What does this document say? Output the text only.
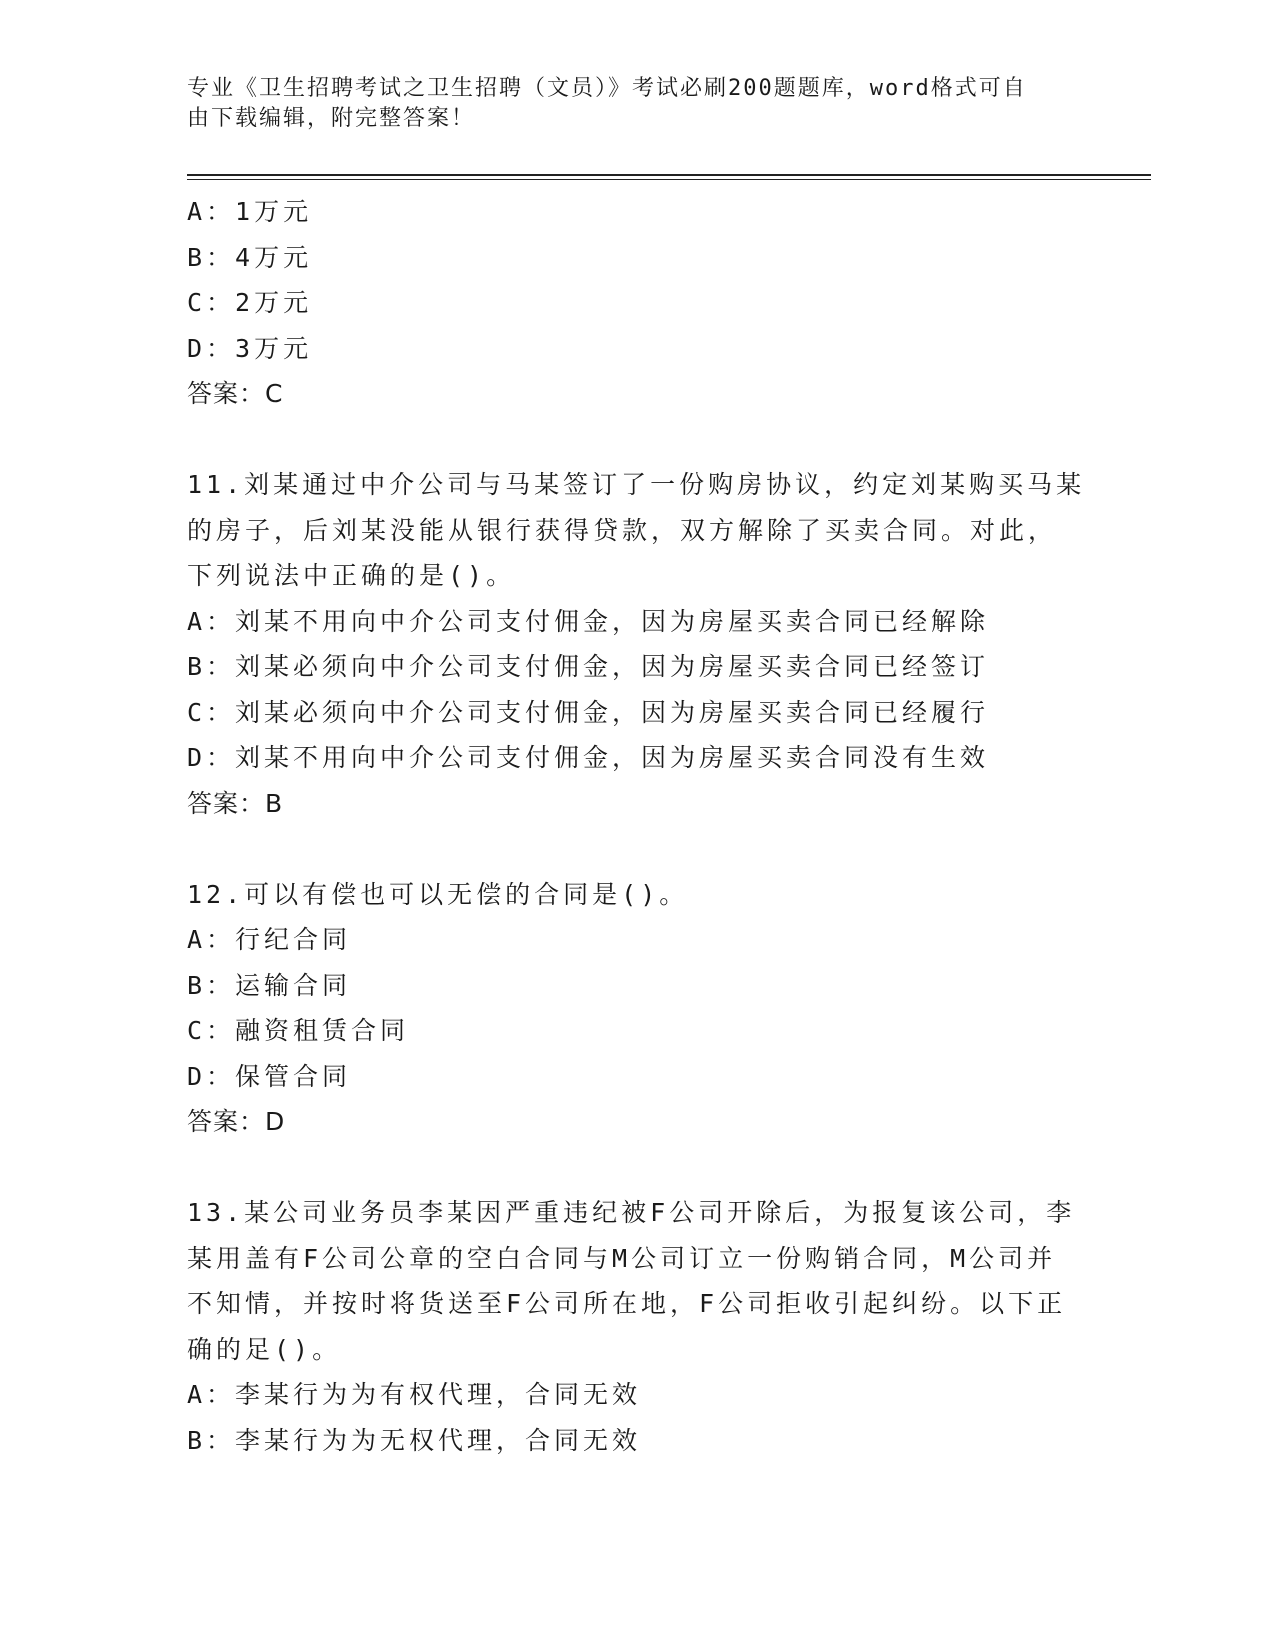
专业《卫生招聘考试之卫生招聘（文员）》考试必刷200题题库，word格式可自
由下载编辑，附完整答案！
A：1万元
B：4万元
C：2万元
D：3万元
答案：C
11.刘某通过中介公司与马某签订了一份购房协议，约定刘某购买马某
的房子，后刘某没能从银行获得贷款，双方解除了买卖合同。对此，
下列说法中正确的是()。
A：刘某不用向中介公司支付佣金，因为房屋买卖合同已经解除
B：刘某必须向中介公司支付佣金，因为房屋买卖合同已经签订
C：刘某必须向中介公司支付佣金，因为房屋买卖合同已经履行
D：刘某不用向中介公司支付佣金，因为房屋买卖合同没有生效
答案：B
12.可以有偿也可以无偿的合同是()。
A：行纪合同
B：运输合同
C：融资租赁合同
D：保管合同
答案：D
13.某公司业务员李某因严重违纪被F公司开除后，为报复该公司，李
某用盖有F公司公章的空白合同与M公司订立一份购销合同，M公司并
不知情，并按时将货送至F公司所在地，F公司拒收引起纠纷。以下正
确的足()。
A：李某行为为有权代理，合同无效
B：李某行为为无权代理，合同无效
